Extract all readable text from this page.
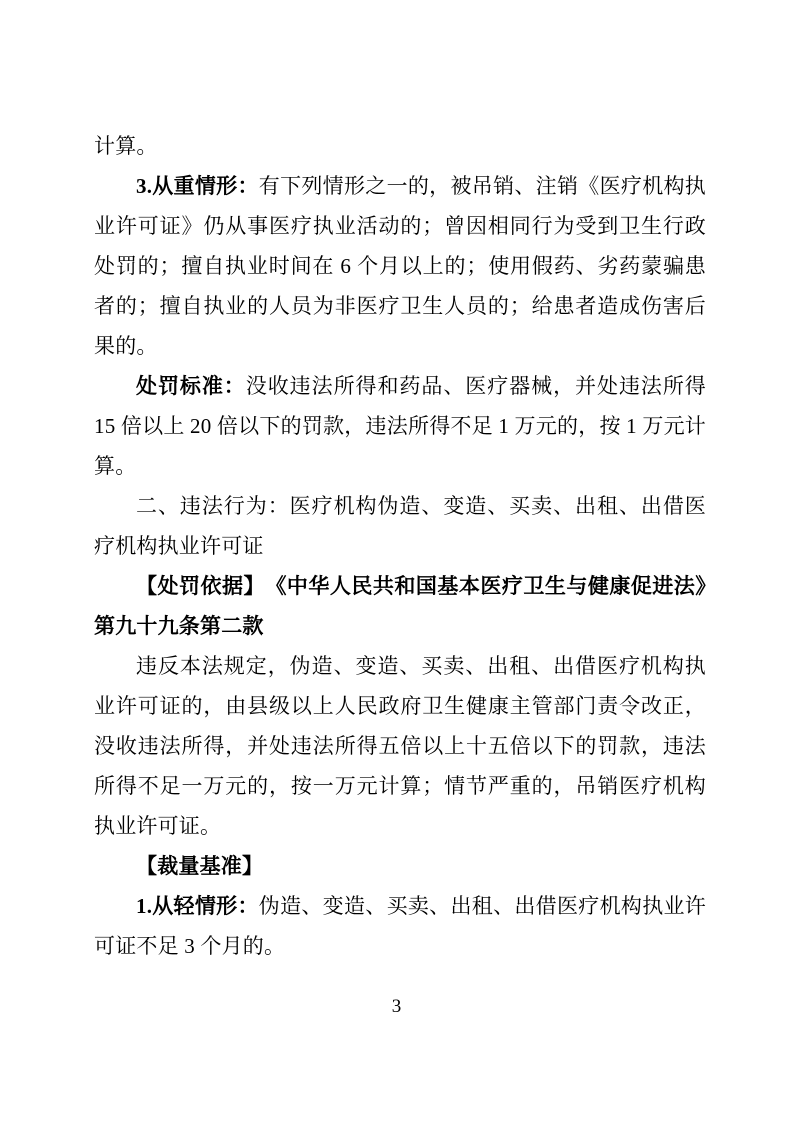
计算。

3.从重情形：有下列情形之一的，被吊销、注销《医疗机构执业许可证》仍从事医疗执业活动的；曾因相同行为受到卫生行政处罚的；擅自执业时间在 6 个月以上的；使用假药、劣药蒙骗患者的；擅自执业的人员为非医疗卫生人员的；给患者造成伤害后果的。

处罚标准：没收违法所得和药品、医疗器械，并处违法所得 15 倍以上 20 倍以下的罚款，违法所得不足 1 万元的，按 1 万元计算。

二、违法行为：医疗机构伪造、变造、买卖、出租、出借医疗机构执业许可证

【处罚依据】　《中华人民共和国基本医疗卫生与健康促进法》第九十九条第二款

违反本法规定，伪造、变造、买卖、出租、出借医疗机构执业许可证的，由县级以上人民政府卫生健康主管部门责令改正，没收违法所得，并处违法所得五倍以上十五倍以下的罚款，违法所得不足一万元的，按一万元计算；情节严重的，吊销医疗机构执业许可证。

【裁量基准】

1.从轻情形：伪造、变造、买卖、出租、出借医疗机构执业许可证不足 3 个月的。

3
